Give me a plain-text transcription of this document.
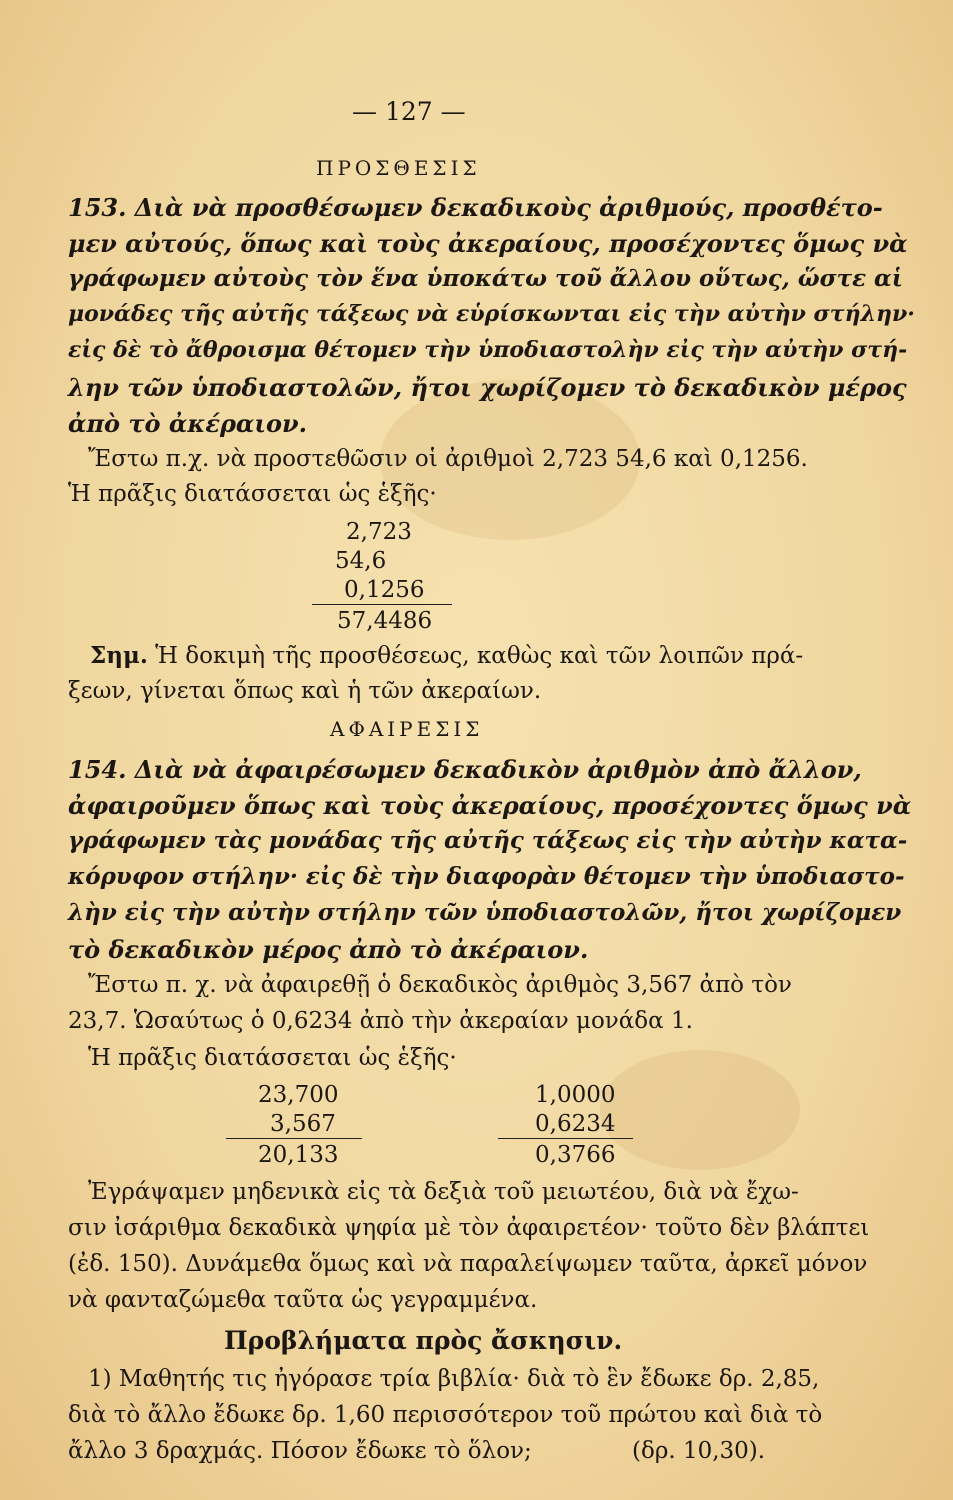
— 127 —
ΠΡΟΣΘΕΣΙΣ
153. Διὰ νὰ προσθέσωμεν δεκαδικοὺς ἀριθμούς, προσθέτο-
μεν αὐτούς, ὅπως καὶ τοὺς ἀκεραίους, προσέχοντες ὅμως νὰ
γράφωμεν αὐτοὺς τὸν ἕνα ὑποκάτω τοῦ ἄλλου οὕτως, ὥστε αἱ
μονάδες τῆς αὐτῆς τάξεως νὰ εὑρίσκωνται εἰς τὴν αὐτὴν στήλην·
εἰς δὲ τὸ ἄθροισμα θέτομεν τὴν ὑποδιαστολὴν εἰς τὴν αὐτὴν στή-
λην τῶν ὑποδιαστολῶν, ἤτοι χωρίζομεν τὸ δεκαδικὸν μέρος
ἀπὸ τὸ ἀκέραιον.
Ἔστω π.χ. νὰ προστεθῶσιν οἱ ἀριθμοὶ 2,723 54,6 καὶ 0,1256.
Ἡ πρᾶξις διατάσσεται ὡς ἑξῆς·
2,723
54,6
0,1256
57,4486
Σημ. Ἡ δοκιμὴ τῆς προσθέσεως, καθὼς καὶ τῶν λοιπῶν πρά-
ξεων, γίνεται ὅπως καὶ ἡ τῶν ἀκεραίων.
ΑΦΑΙΡΕΣΙΣ
154. Διὰ νὰ ἀφαιρέσωμεν δεκαδικὸν ἀριθμὸν ἀπὸ ἄλλον,
ἀφαιροῦμεν ὅπως καὶ τοὺς ἀκεραίους, προσέχοντες ὅμως νὰ
γράφωμεν τὰς μονάδας τῆς αὐτῆς τάξεως εἰς τὴν αὐτὴν κατα-
κόρυφον στήλην· εἰς δὲ τὴν διαφορὰν θέτομεν τὴν ὑποδιαστο-
λὴν εἰς τὴν αὐτὴν στήλην τῶν ὑποδιαστολῶν, ἤτοι χωρίζομεν
τὸ δεκαδικὸν μέρος ἀπὸ τὸ ἀκέραιον.
Ἔστω π. χ. νὰ ἀφαιρεθῇ ὁ δεκαδικὸς ἀριθμὸς 3,567 ἀπὸ τὸν
23,7. Ὡσαύτως ὁ 0,6234 ἀπὸ τὴν ἀκεραίαν μονάδα 1.
Ἡ πρᾶξις διατάσσεται ὡς ἑξῆς·
23,700
3,567
20,133
1,0000
0,6234
0,3766
Ἐγράψαμεν μηδενικὰ εἰς τὰ δεξιὰ τοῦ μειωτέου, διὰ νὰ ἔχω-
σιν ἰσάριθμα δεκαδικὰ ψηφία μὲ τὸν ἀφαιρετέον· τοῦτο δὲν βλάπτει
(ἐδ. 150). Δυνάμεθα ὅμως καὶ νὰ παραλείψωμεν ταῦτα, ἀρκεῖ μόνον
νὰ φανταζώμεθα ταῦτα ὡς γεγραμμένα.
Προβλήματα πρὸς ἄσκησιν.
1) Μαθητής τις ἠγόρασε τρία βιβλία· διὰ τὸ ἓν ἔδωκε δρ. 2,85,
διὰ τὸ ἄλλο ἔδωκε δρ. 1,60 περισσότερον τοῦ πρώτου καὶ διὰ τὸ
ἄλλο 3 δραχμάς. Πόσον ἔδωκε τὸ ὅλον;	(δρ. 10,30).
